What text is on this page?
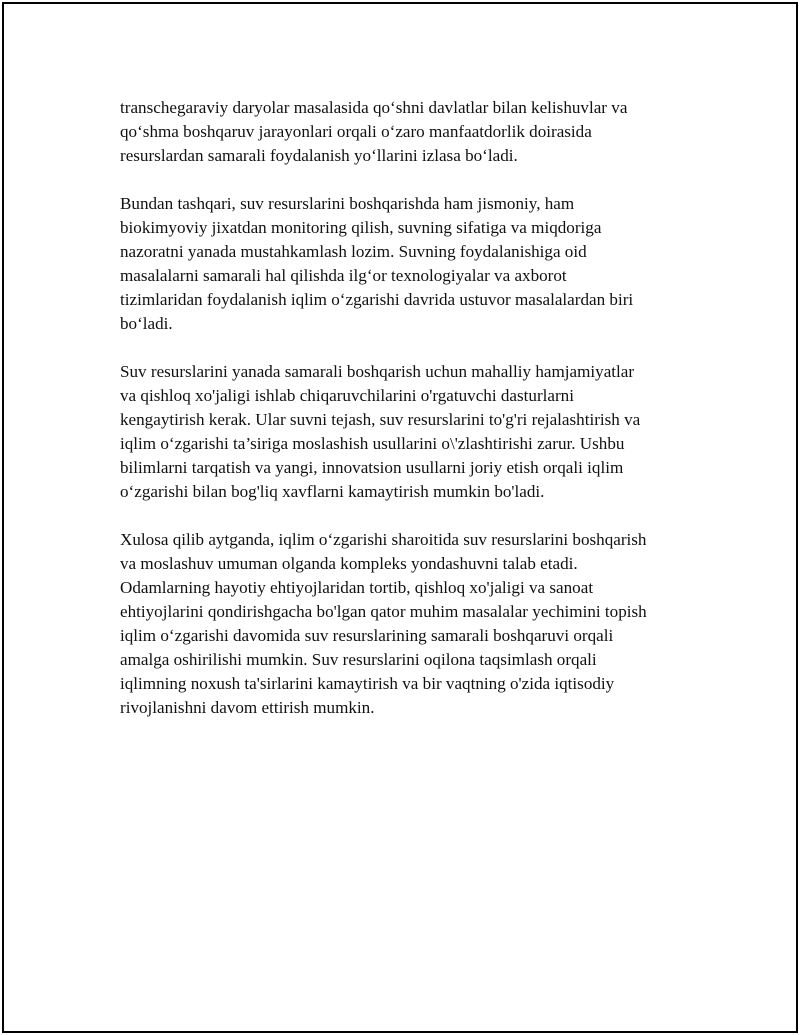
transchegaraviy daryolar masalasida qo‘shni davlatlar bilan kelishuvlar va
qo‘shma boshqaruv jarayonlari orqali o‘zaro manfaatdorlik doirasida
resurslardan samarali foydalanish yo‘llarini izlasa bo‘ladi.

Bundan tashqari, suv resurslarini boshqarishda ham jismoniy, ham
biokimyoviy jixatdan monitoring qilish, suvning sifatiga va miqdoriga
nazoratni yanada mustahkamlash lozim. Suvning foydalanishiga oid
masalalarni samarali hal qilishda ilg‘or texnologiyalar va axborot
tizimlaridan foydalanish iqlim o‘zgarishi davrida ustuvor masalalardan biri
bo‘ladi.

Suv resurslarini yanada samarali boshqarish uchun mahalliy hamjamiyatlar
va qishloq xo'jaligi ishlab chiqaruvchilarini o'rgatuvchi dasturlarni
kengaytirish kerak. Ular suvni tejash, suv resurslarini to'g'ri rejalashtirish va
iqlim o‘zgarishi ta’siriga moslashish usullarini o\'zlashtirishi zarur. Ushbu
bilimlarni tarqatish va yangi, innovatsion usullarni joriy etish orqali iqlim
o‘zgarishi bilan bog'liq xavflarni kamaytirish mumkin bo'ladi.

Xulosa qilib aytganda, iqlim o‘zgarishi sharoitida suv resurslarini boshqarish
va moslashuv umuman olganda kompleks yondashuvni talab etadi.
Odamlarning hayotiy ehtiyojlaridan tortib, qishloq xo'jaligi va sanoat
ehtiyojlarini qondirishgacha bo'lgan qator muhim masalalar yechimini topish
iqlim o‘zgarishi davomida suv resurslarining samarali boshqaruvi orqali
amalga oshirilishi mumkin. Suv resurslarini oqilona taqsimlash orqali
iqlimning noxush ta'sirlarini kamaytirish va bir vaqtning o'zida iqtisodiy
rivojlanishni davom ettirish mumkin.
